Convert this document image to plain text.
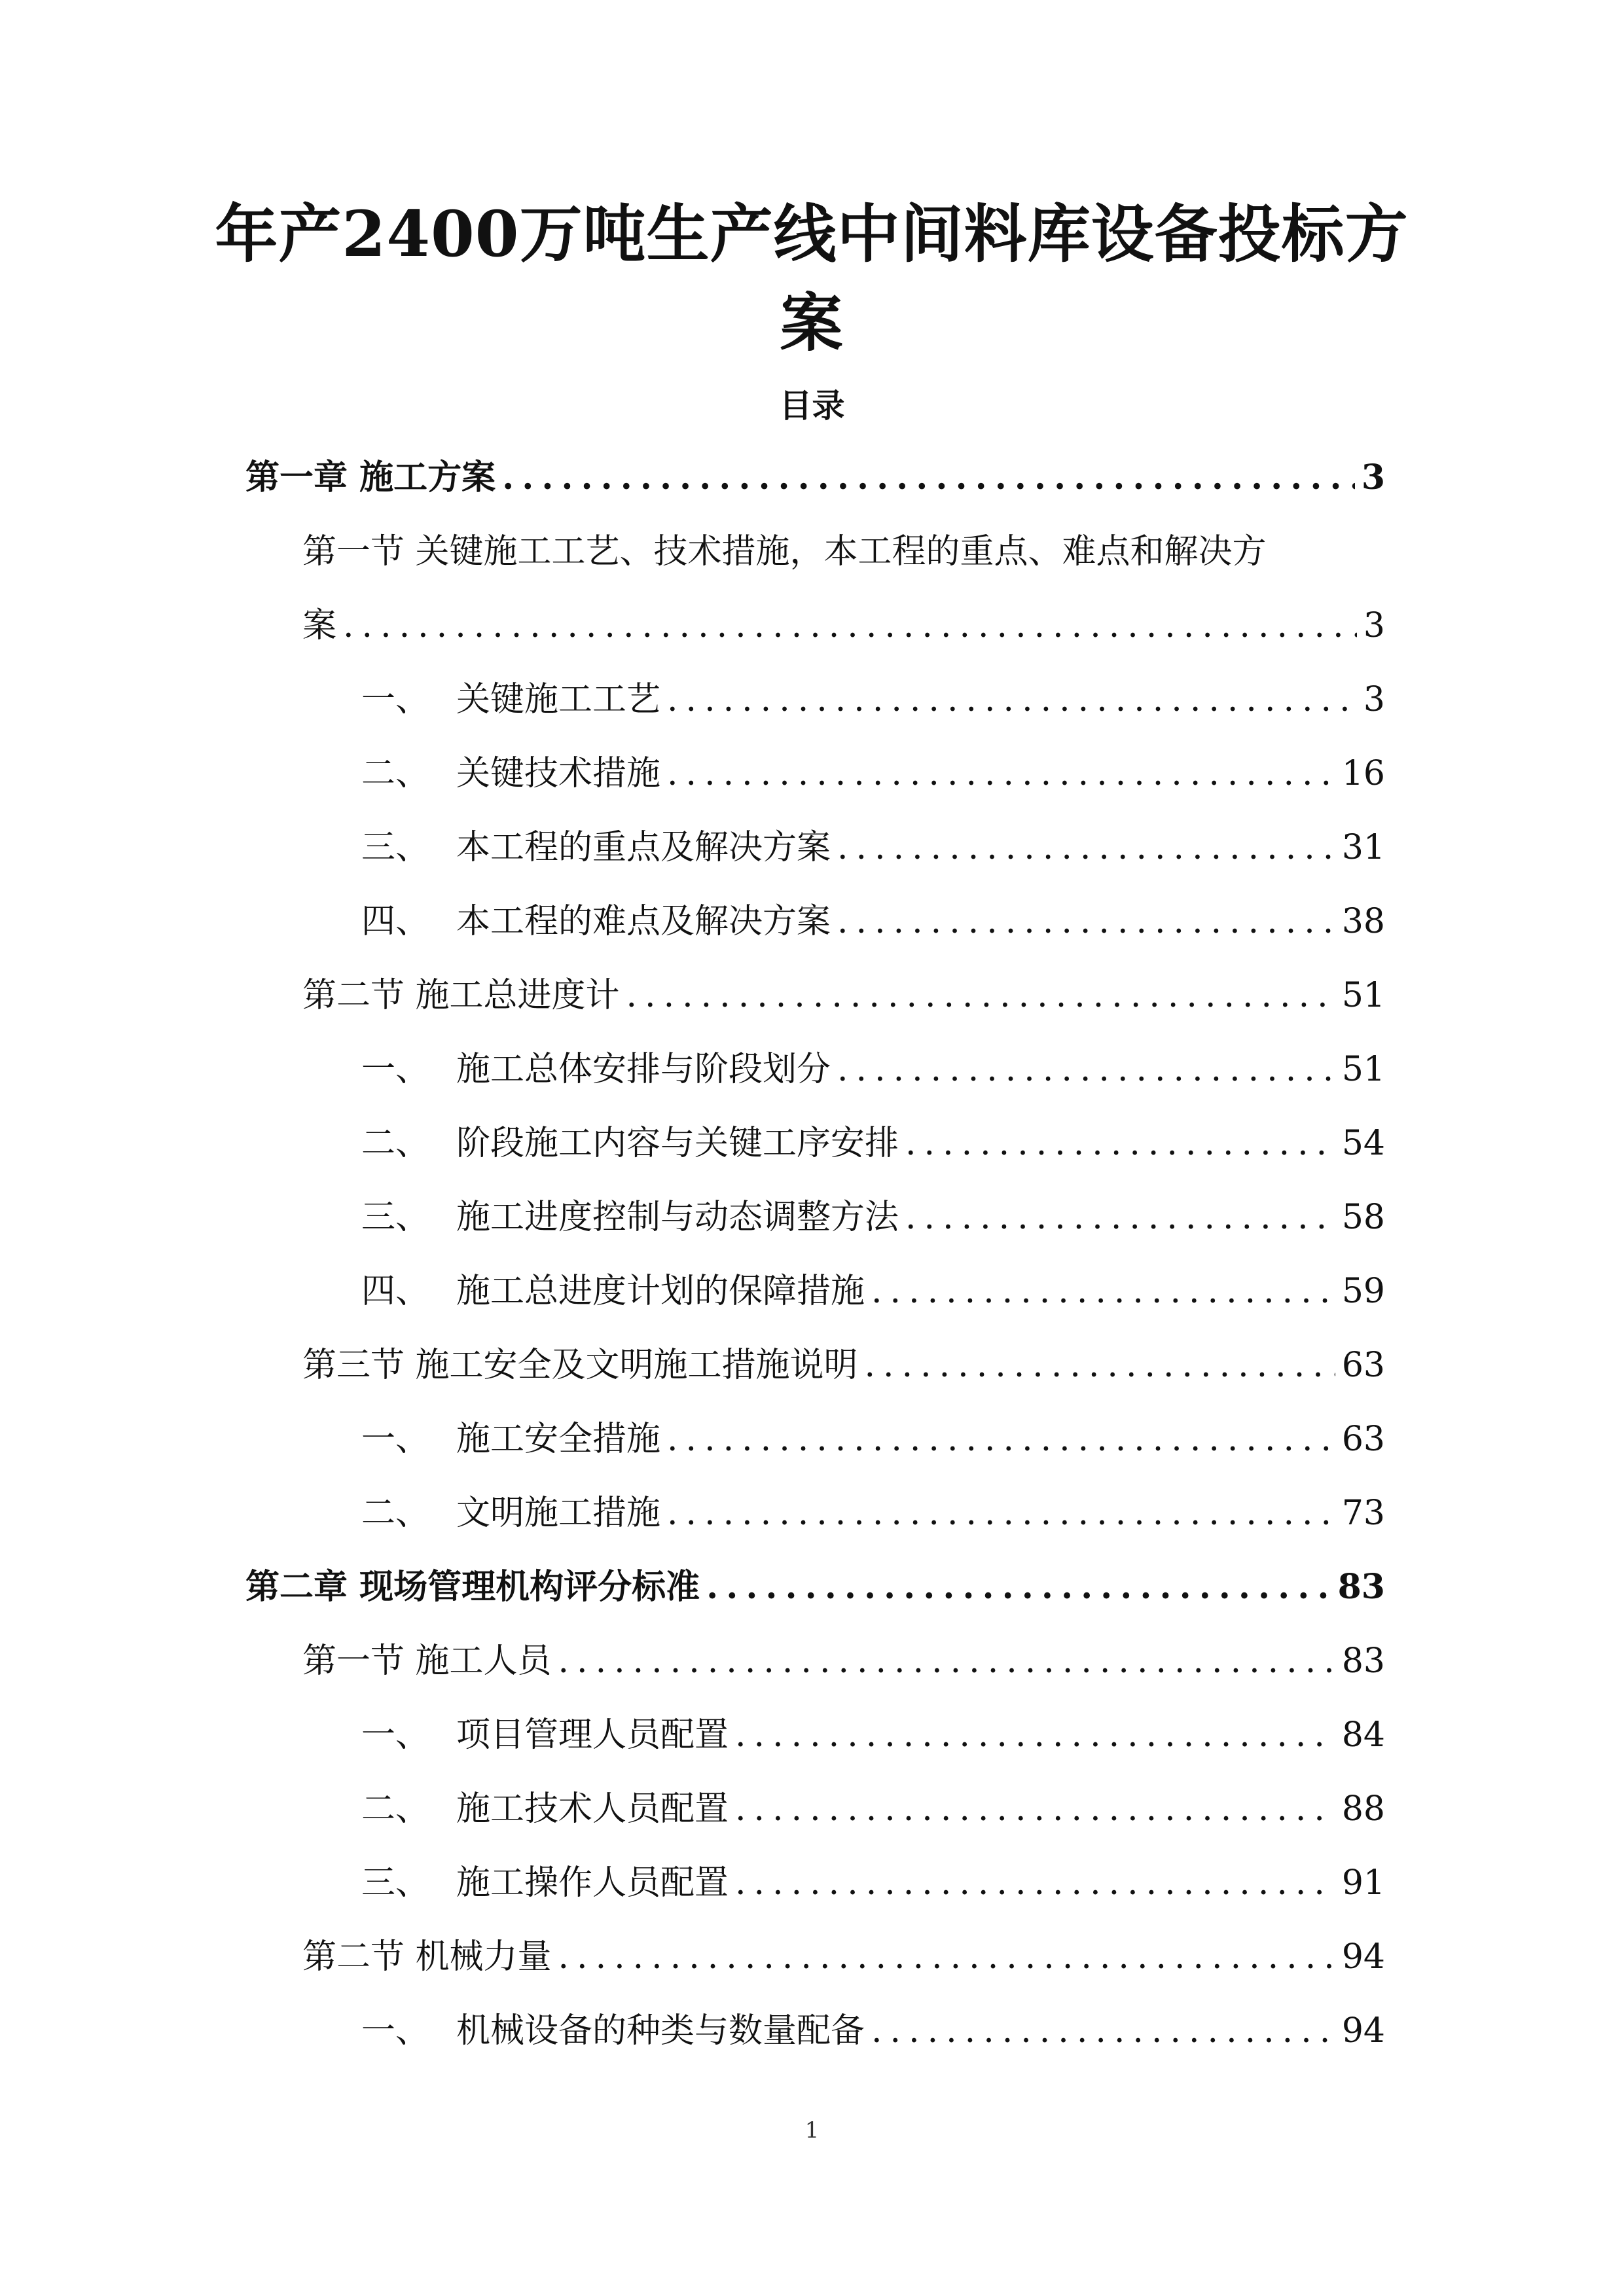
年产2400万吨生产线中间料库设备投标方
案
目录
第一章 施工方案 .....	3
第一节 关键施工工艺、技术措施，本工程的重点、难点和解决方
案 .....	3
一、 关键施工工艺 .....	3
二、 关键技术措施 .....	16
三、 本工程的重点及解决方案 .....	31
四、 本工程的难点及解决方案 .....	38
第二节 施工总进度计 .....	51
一、 施工总体安排与阶段划分 .....	51
二、 阶段施工内容与关键工序安排 .....	54
三、 施工进度控制与动态调整方法 .....	58
四、 施工总进度计划的保障措施 .....	59
第三节 施工安全及文明施工措施说明 .....	63
一、 施工安全措施 .....	63
二、 文明施工措施 .....	73
第二章 现场管理机构评分标准 .....	83
第一节 施工人员 .....	83
一、 项目管理人员配置 .....	84
二、 施工技术人员配置 .....	88
三、 施工操作人员配置 .....	91
第二节 机械力量 .....	94
一、 机械设备的种类与数量配备 .....	94
1
